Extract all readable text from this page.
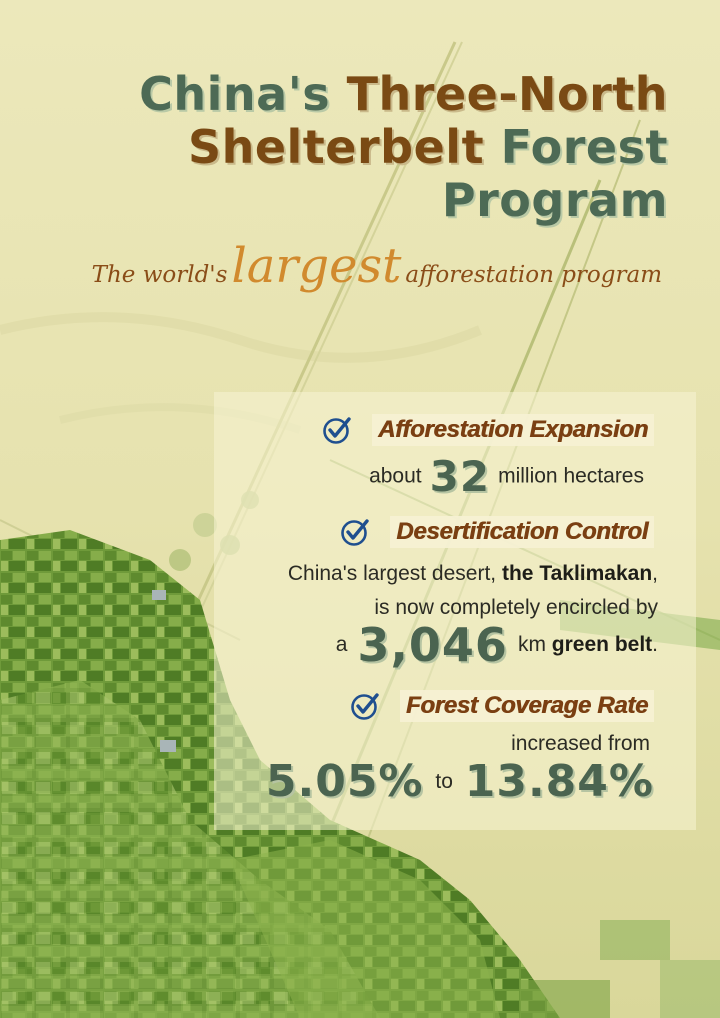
China's Three-North
Shelterbelt Forest
Program

The world'slargest afforestation program

Afforestation Expansion
about 32 million hectares
Desertification Control
China's largest desert, the Taklimakan,
is now completely encircled by
a 3,046 km green belt.
Forest Coverage Rate
increased from
5.05% to 13.84%
